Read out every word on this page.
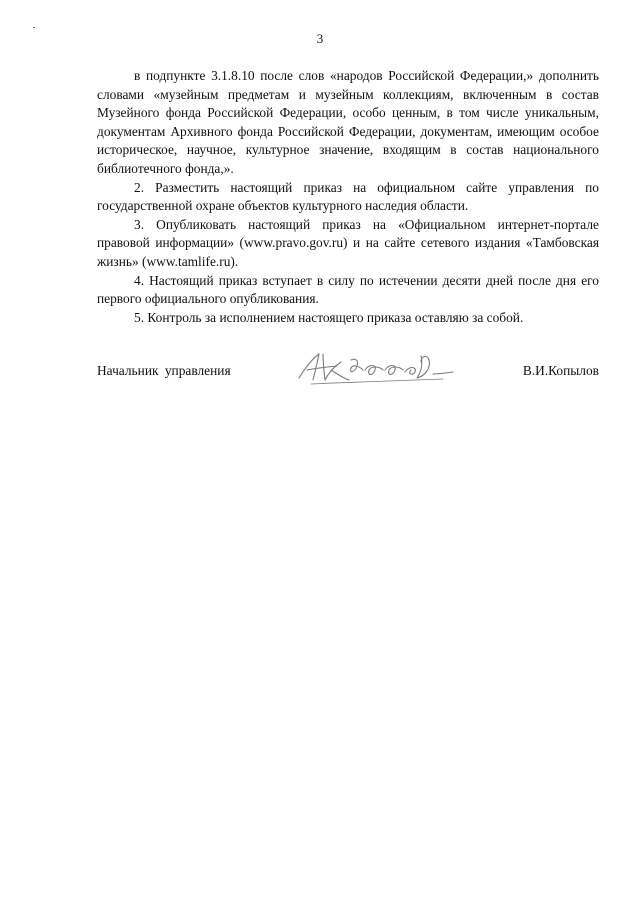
3

в подпункте 3.1.8.10 после слов «народов Российской Федерации,» дополнить словами «музейным предметам и музейным коллекциям, включенным в состав Музейного фонда Российской Федерации, особо ценным, в том числе уникальным, документам Архивного фонда Российской Федерации, документам, имеющим особое историческое, научное, культурное значение, входящим в состав национального библиотечного фонда,».

2. Разместить настоящий приказ на официальном сайте управления по государственной охране объектов культурного наследия области.

3. Опубликовать настоящий приказ на «Официальном интернет-портале правовой информации» (www.pravo.gov.ru) и на сайте сетевого издания «Тамбовская жизнь» (www.tamlife.ru).

4. Настоящий приказ вступает в силу по истечении десяти дней после дня его первого официального опубликования.

5. Контроль за исполнением настоящего приказа оставляю за собой.

Начальник управления	В.И.Копылов
